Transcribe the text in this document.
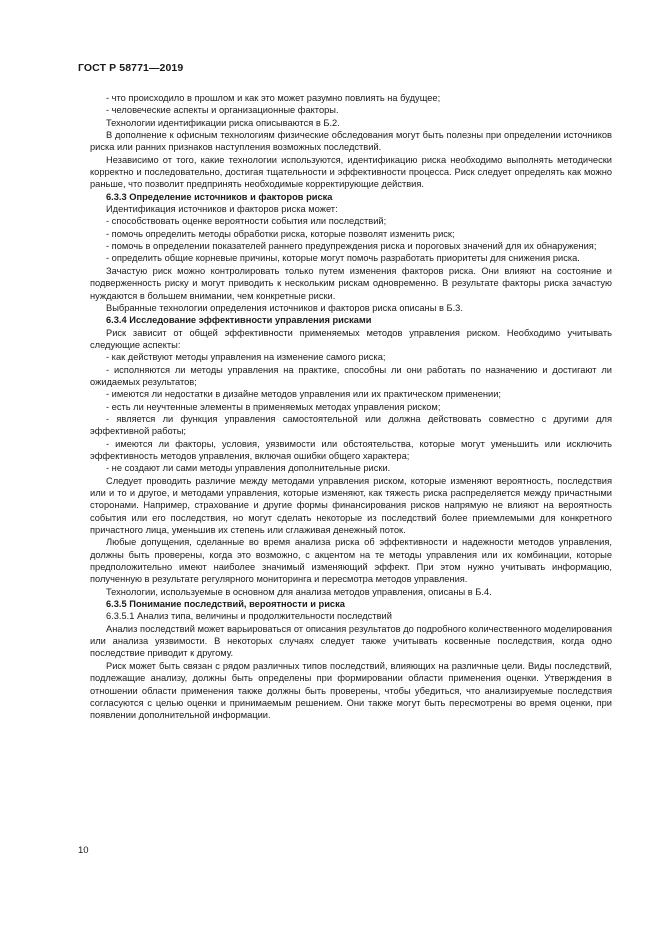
ГОСТ Р 58771—2019

- что происходило в прошлом и как это может разумно повлиять на будущее;

- человеческие аспекты и организационные факторы.

Технологии идентификации риска описываются в Б.2.

В дополнение к офисным технологиям физические обследования могут быть полезны при определении источников риска или ранних признаков наступления возможных последствий.

Независимо от того, какие технологии используются, идентификацию риска необходимо выполнять методически корректно и последовательно, достигая тщательности и эффективности процесса. Риск следует определять как можно раньше, что позволит предпринять необходимые корректирующие действия.

6.3.3 Определение источников и факторов риска

Идентификация источников и факторов риска может:

- способствовать оценке вероятности события или последствий;

- помочь определить методы обработки риска, которые позволят изменить риск;

- помочь в определении показателей раннего предупреждения риска и пороговых значений для их обнаружения;

- определить общие корневые причины, которые могут помочь разработать приоритеты для снижения риска.

Зачастую риск можно контролировать только путем изменения факторов риска. Они влияют на состояние и подверженность риску и могут приводить к нескольким рискам одновременно. В результате факторы риска зачастую нуждаются в большем внимании, чем конкретные риски.

Выбранные технологии определения источников и факторов риска описаны в Б.3.

6.3.4 Исследование эффективности управления рисками

Риск зависит от общей эффективности применяемых методов управления риском. Необходимо учитывать следующие аспекты:

- как действуют методы управления на изменение самого риска;

- исполняются ли методы управления на практике, способны ли они работать по назначению и достигают ли ожидаемых результатов;

- имеются ли недостатки в дизайне методов управления или их практическом применении;

- есть ли неучтенные элементы в применяемых методах управления риском;

- является ли функция управления самостоятельной или должна действовать совместно с другими для эффективной работы;

- имеются ли факторы, условия, уязвимости или обстоятельства, которые могут уменьшить или исключить эффективность методов управления, включая ошибки общего характера;

- не создают ли сами методы управления дополнительные риски.

Следует проводить различие между методами управления риском, которые изменяют вероятность, последствия или и то и другое, и методами управления, которые изменяют, как тяжесть риска распределяется между причастными сторонами. Например, страхование и другие формы финансирования рисков напрямую не влияют на вероятность события или его последствия, но могут сделать некоторые из последствий более приемлемыми для конкретного причастного лица, уменьшив их степень или сглаживая денежный поток.

Любые допущения, сделанные во время анализа риска об эффективности и надежности методов управления, должны быть проверены, когда это возможно, с акцентом на те методы управления или их комбинации, которые предположительно имеют наиболее значимый изменяющий эффект. При этом нужно учитывать информацию, полученную в результате регулярного мониторинга и пересмотра методов управления.

Технологии, используемые в основном для анализа методов управления, описаны в Б.4.

6.3.5 Понимание последствий, вероятности и риска

6.3.5.1 Анализ типа, величины и продолжительности последствий

Анализ последствий может варьироваться от описания результатов до подробного количественного моделирования или анализа уязвимости. В некоторых случаях следует также учитывать косвенные последствия, когда одно последствие приводит к другому.

Риск может быть связан с рядом различных типов последствий, влияющих на различные цели. Виды последствий, подлежащие анализу, должны быть определены при формировании области применения оценки. Утверждения в отношении области применения также должны быть проверены, чтобы убедиться, что анализируемые последствия согласуются с целью оценки и принимаемым решением. Они также могут быть пересмотрены во время оценки, при появлении дополнительной информации.

10
